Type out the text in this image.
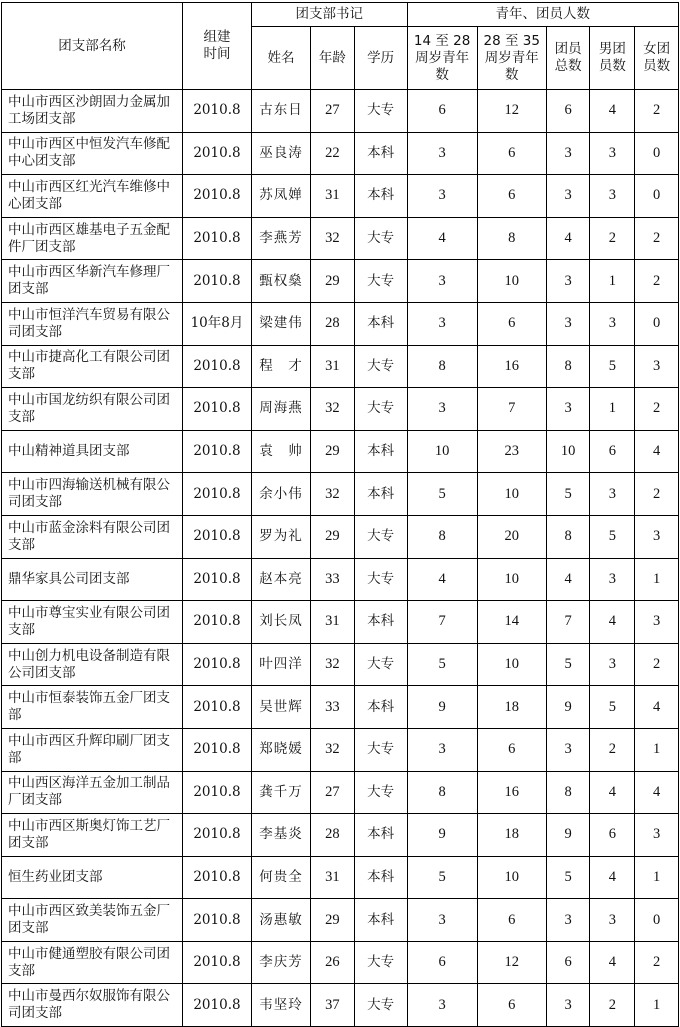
团支部名称	组建时间	团支部书记			青年、团员人数				
		姓名	年龄	学历	14 至 28 周岁青年数	28 至 35 周岁青年数	团员总数	男团员数	女团员数
中山市西区沙朗固力金属加工场团支部	2010.8	古东日	27	大专	6	12	6	4	2
中山市西区中恒发汽车修配中心团支部	2010.8	巫良涛	22	本科	3	6	3	3	0
中山市西区红光汽车维修中心团支部	2010.8	苏凤婵	31	本科	3	6	3	3	0
中山市西区雄基电子五金配件厂团支部	2010.8	李燕芳	32	大专	4	8	4	2	2
中山市西区华新汽车修理厂团支部	2010.8	甄权燊	29	大专	3	10	3	1	2
中山市恒洋汽车贸易有限公司团支部	10年8月	梁建伟	28	本科	3	6	3	3	0
中山市捷高化工有限公司团支部	2010.8	程　才	31	大专	8	16	8	5	3
中山市国龙纺织有限公司团支部	2010.8	周海燕	32	大专	3	7	3	1	2
中山精神道具团支部	2010.8	袁　帅	29	本科	10	23	10	6	4
中山市四海输送机械有限公司团支部	2010.8	余小伟	32	本科	5	10	5	3	2
中山市蓝金涂料有限公司团支部	2010.8	罗为礼	29	大专	8	20	8	5	3
鼎华家具公司团支部	2010.8	赵本亮	33	大专	4	10	4	3	1
中山市尊宝实业有限公司团支部	2010.8	刘长凤	31	本科	7	14	7	4	3
中山创力机电设备制造有限公司团支部	2010.8	叶四洋	32	大专	5	10	5	3	2
中山市恒泰装饰五金厂团支部	2010.8	吴世辉	33	本科	9	18	9	5	4
中山市西区升辉印刷厂团支部	2010.8	郑晓媛	32	大专	3	6	3	2	1
中山西区海洋五金加工制品厂团支部	2010.8	龚千万	27	大专	8	16	8	4	4
中山市西区斯奥灯饰工艺厂团支部	2010.8	李基炎	28	本科	9	18	9	6	3
恒生药业团支部	2010.8	何贵全	31	本科	5	10	5	4	1
中山市西区致美装饰五金厂团支部	2010.8	汤惠敏	29	本科	3	6	3	3	0
中山市健通塑胶有限公司团支部	2010.8	李庆芳	26	大专	6	12	6	4	2
中山市曼西尔奴服饰有限公司团支部	2010.8	韦坚玲	37	大专	3	6	3	2	1
